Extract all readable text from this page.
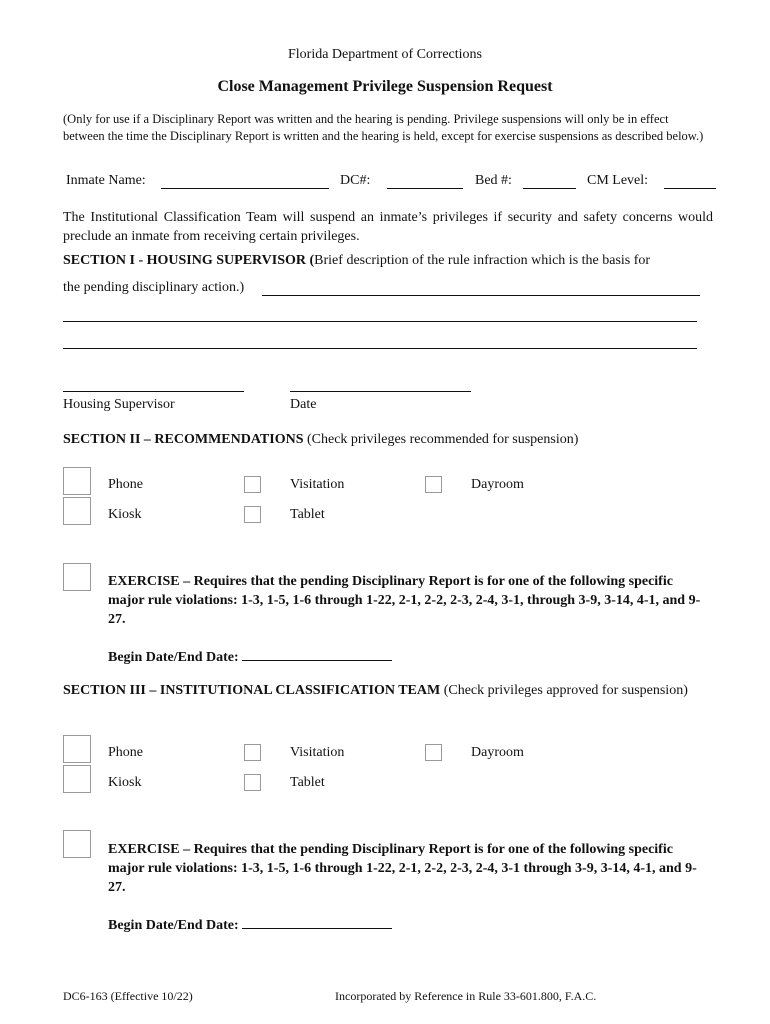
Florida Department of Corrections
Close Management Privilege Suspension Request
(Only for use if a Disciplinary Report was written and the hearing is pending. Privilege suspensions will only be in effect between the time the Disciplinary Report is written and the hearing is held, except for exercise suspensions as described below.)
Inmate Name:	DC#:	Bed #:	CM Level:
The Institutional Classification Team will suspend an inmate’s privileges if security and safety concerns would preclude an inmate from receiving certain privileges.
SECTION I - HOUSING SUPERVISOR (Brief description of the rule infraction which is the basis for
the pending disciplinary action.)
Housing Supervisor	Date
SECTION II – RECOMMENDATIONS (Check privileges recommended for suspension)
Phone	Visitation	Dayroom
Kiosk	Tablet
EXERCISE – Requires that the pending Disciplinary Report is for one of the following specific major rule violations: 1-3, 1-5, 1-6 through 1-22, 2-1, 2-2, 2-3, 2-4, 3-1, through 3-9, 3-14, 4-1, and 9-27.
Begin Date/End Date:
SECTION III – INSTITUTIONAL CLASSIFICATION TEAM (Check privileges approved for suspension)
Phone	Visitation	Dayroom
Kiosk	Tablet
EXERCISE – Requires that the pending Disciplinary Report is for one of the following specific major rule violations: 1-3, 1-5, 1-6 through 1-22, 2-1, 2-2, 2-3, 2-4, 3-1 through 3-9, 3-14, 4-1, and 9-27.
Begin Date/End Date:
DC6-163 (Effective 10/22)	Incorporated by Reference in Rule 33-601.800, F.A.C.
